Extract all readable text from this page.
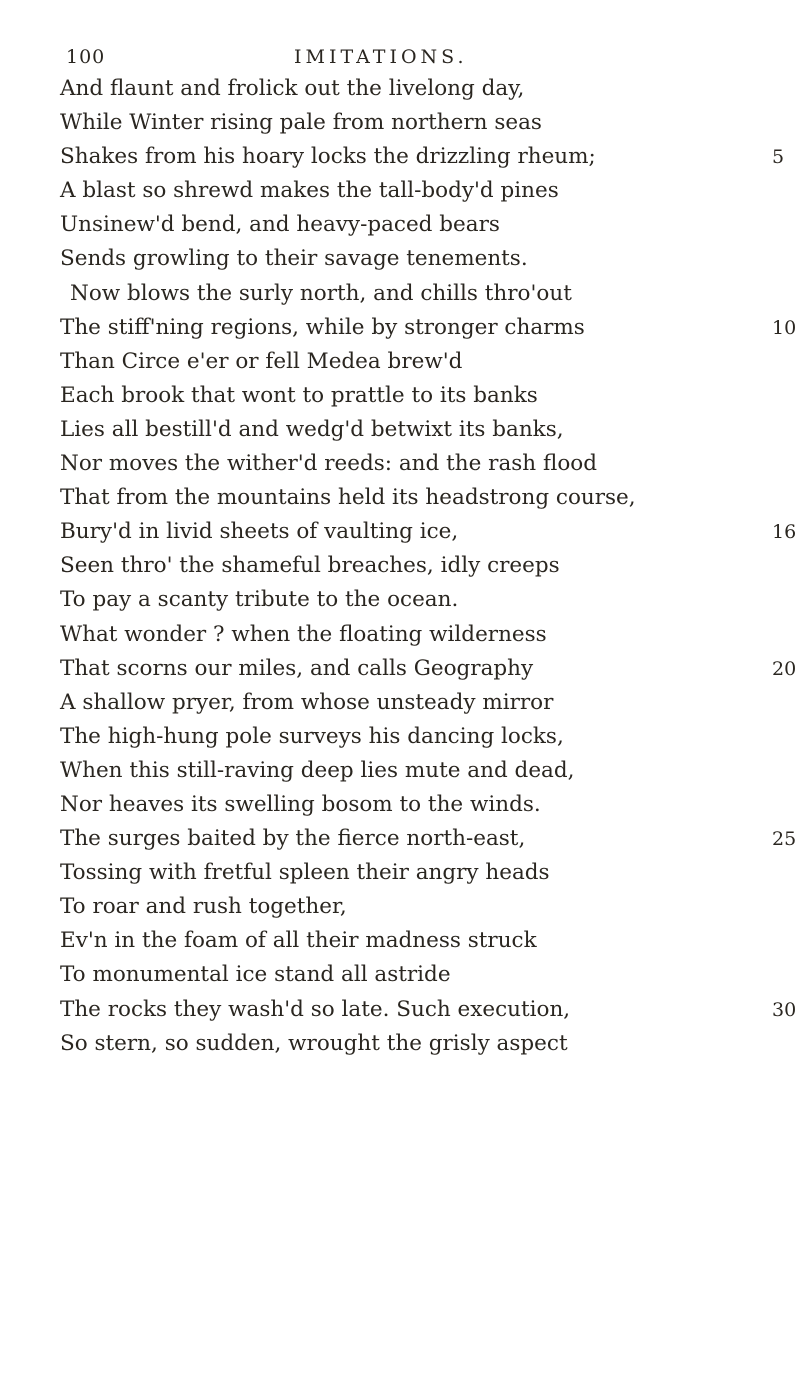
100	IMITATIONS.
And flaunt and frolick out the livelong day,
While Winter rising pale from northern seas
Shakes from his hoary locks the drizzling rheum;	5
A blast so shrewd makes the tall-body'd pines
Unsinew'd bend, and heavy-paced bears
Sends growling to their savage tenements.
Now blows the surly north, and chills thro'out
The stiff'ning regions, while by stronger charms	10
Than Circe e'er or fell Medea brew'd
Each brook that wont to prattle to its banks
Lies all bestill'd and wedg'd betwixt its banks,
Nor moves the wither'd reeds: and the rash flood
That from the mountains held its headstrong course,
Bury'd in livid sheets of vaulting ice,	16
Seen thro' the shameful breaches, idly creeps
To pay a scanty tribute to the ocean.
What wonder ? when the floating wilderness
That scorns our miles, and calls Geography	20
A shallow pryer, from whose unsteady mirror
The high-hung pole surveys his dancing locks,
When this still-raving deep lies mute and dead,
Nor heaves its swelling bosom to the winds.
The surges baited by the fierce north-east,	25
Tossing with fretful spleen their angry heads
To roar and rush together,
Ev'n in the foam of all their madness struck
To monumental ice stand all astride
The rocks they wash'd so late. Such execution,	30
So stern, so sudden, wrought the grisly aspect
